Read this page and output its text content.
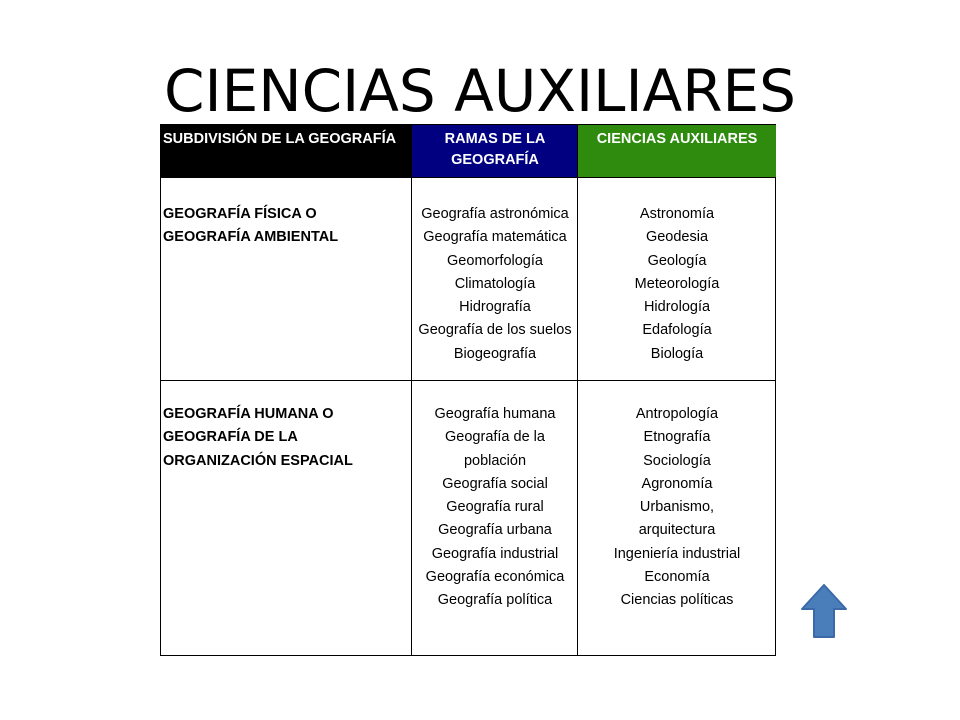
CIENCIAS AUXILIARES
SUBDIVISIÓN DE LA GEOGRAFÍA	RAMAS DE LA GEOGRAFÍA
CIENCIAS AUXILIARES
GEOGRAFÍA FÍSICA O
GEOGRAFÍA AMBIENTAL
Geografía astronómica
Geografía matemática
Geomorfología
Climatología
Hidrografía
Geografía de los suelos
Biogeografía
Astronomía
Geodesia
Geología
Meteorología
Hidrología
Edafología
Biología
GEOGRAFÍA HUMANA O
GEOGRAFÍA DE LA
ORGANIZACIÓN ESPACIAL
Geografía humana
Geografía de la
población
Geografía social
Geografía rural
Geografía urbana
Geografía industrial
Geografía económica
Geografía política
Antropología
Etnografía
Sociología
Agronomía
Urbanismo,
arquitectura
Ingeniería industrial
Economía
Ciencias políticas
